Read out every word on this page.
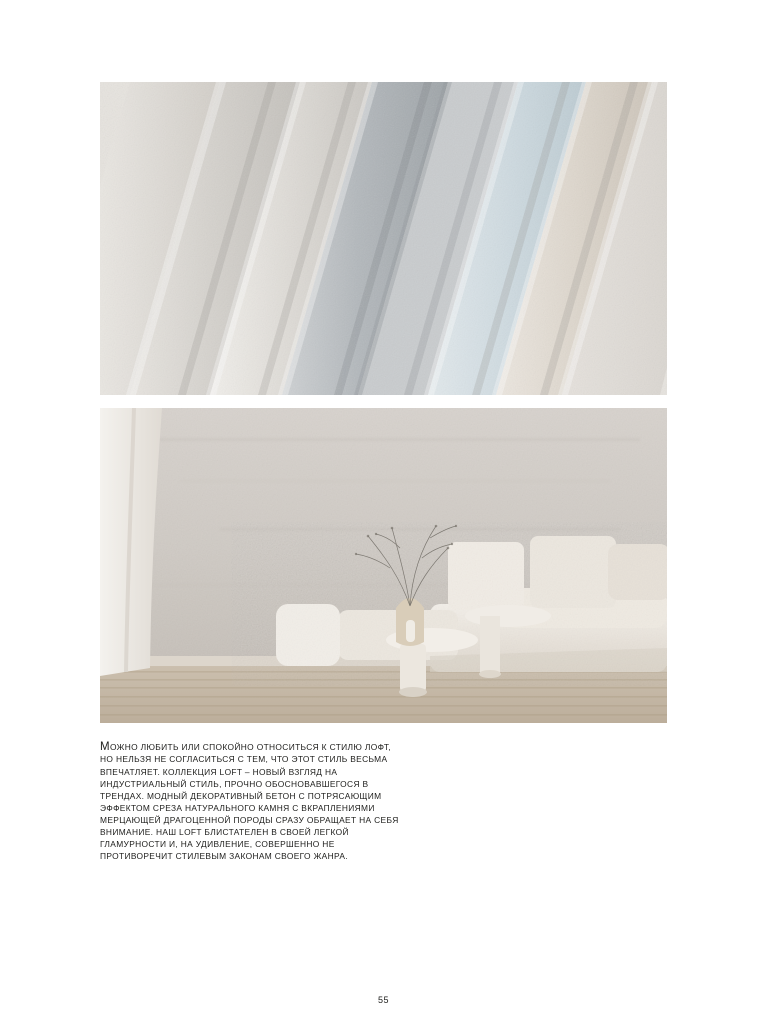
МОЖНО ЛЮБИТЬ ИЛИ СПОКОЙНО ОТНОСИТЬСЯ К СТИЛЮ ЛОФТ, НО НЕЛЬЗЯ НЕ СОГЛАСИТЬСЯ С ТЕМ, ЧТО ЭТОТ СТИЛЬ ВЕСЬМА ВПЕЧАТЛЯЕТ. КОЛЛЕКЦИЯ LOFT – НОВЫЙ ВЗГЛЯД НА ИНДУСТРИАЛЬНЫЙ СТИЛЬ, ПРОЧНО ОБОСНОВАВШЕГОСЯ В ТРЕНДАХ. МОДНЫЙ ДЕКОРАТИВНЫЙ БЕТОН С ПОТРЯСАЮЩИМ ЭФФЕКТОМ СРЕЗА НАТУРАЛЬНОГО КАМНЯ С ВКРАПЛЕНИЯМИ МЕРЦАЮЩЕЙ ДРАГОЦЕННОЙ ПОРОДЫ СРАЗУ ОБРАЩАЕТ НА СЕБЯ ВНИМАНИЕ. НАШ LOFT БЛИСТАТЕЛЕН В СВОЕЙ ЛЕГКОЙ ГЛАМУРНОСТИ И, НА УДИВЛЕНИЕ, СОВЕРШЕННО НЕ ПРОТИВОРЕЧИТ СТИЛЕВЫМ ЗАКОНАМ СВОЕГО ЖАНРА.

55
